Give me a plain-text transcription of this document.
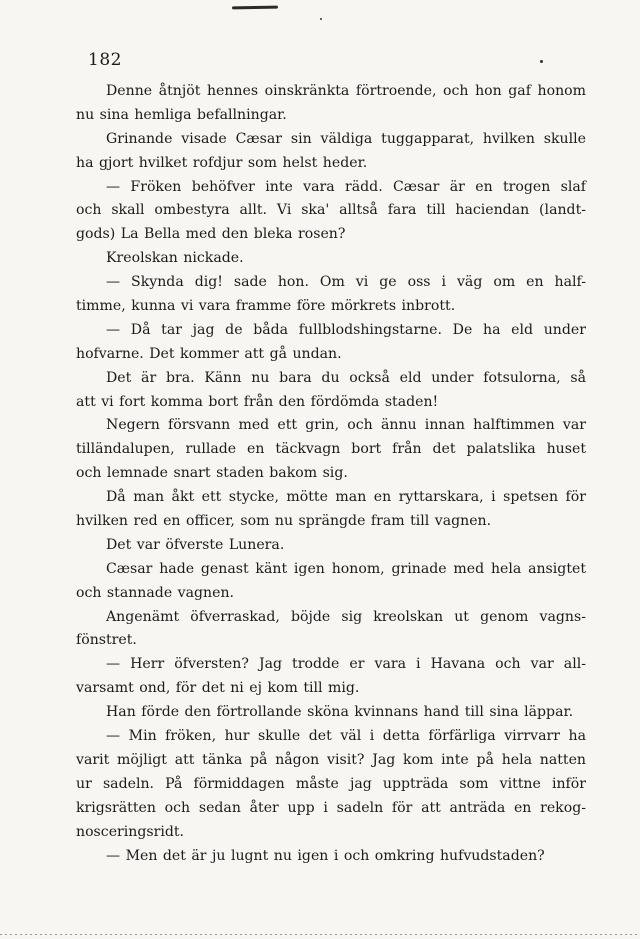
182
Denne åtnjöt hennes oinskränkta förtroende, och hon gaf honom
nu sina hemliga befallningar.
Grinande visade Cæsar sin väldiga tuggapparat, hvilken skulle
ha gjort hvilket rofdjur som helst heder.
— Fröken behöfver inte vara rädd. Cæsar är en trogen slaf
och skall ombestyra allt. Vi ska' alltså fara till haciendan (landt-
gods) La Bella med den bleka rosen?
Kreolskan nickade.
— Skynda dig! sade hon. Om vi ge oss i väg om en half-
timme, kunna vi vara framme före mörkrets inbrott.
— Då tar jag de båda fullblodshingstarne. De ha eld under
hofvarne. Det kommer att gå undan.
Det är bra. Känn nu bara du också eld under fotsulorna, så
att vi fort komma bort från den fördömda staden!
Negern försvann med ett grin, och ännu innan halftimmen var
tilländalupen, rullade en täckvagn bort från det palatslika huset
och lemnade snart staden bakom sig.
Då man åkt ett stycke, mötte man en ryttarskara, i spetsen för
hvilken red en officer, som nu sprängde fram till vagnen.
Det var öfverste Lunera.
Cæsar hade genast känt igen honom, grinade med hela ansigtet
och stannade vagnen.
Angenämt öfverraskad, böjde sig kreolskan ut genom vagns-
fönstret.
— Herr öfversten? Jag trodde er vara i Havana och var all-
varsamt ond, för det ni ej kom till mig.
Han förde den förtrollande sköna kvinnans hand till sina läppar.
— Min fröken, hur skulle det väl i detta förfärliga virrvarr ha
varit möjligt att tänka på någon visit? Jag kom inte på hela natten
ur sadeln. På förmiddagen måste jag uppträda som vittne inför
krigsrätten och sedan åter upp i sadeln för att anträda en rekog-
nosceringsridt.
— Men det är ju lugnt nu igen i och omkring hufvudstaden?
